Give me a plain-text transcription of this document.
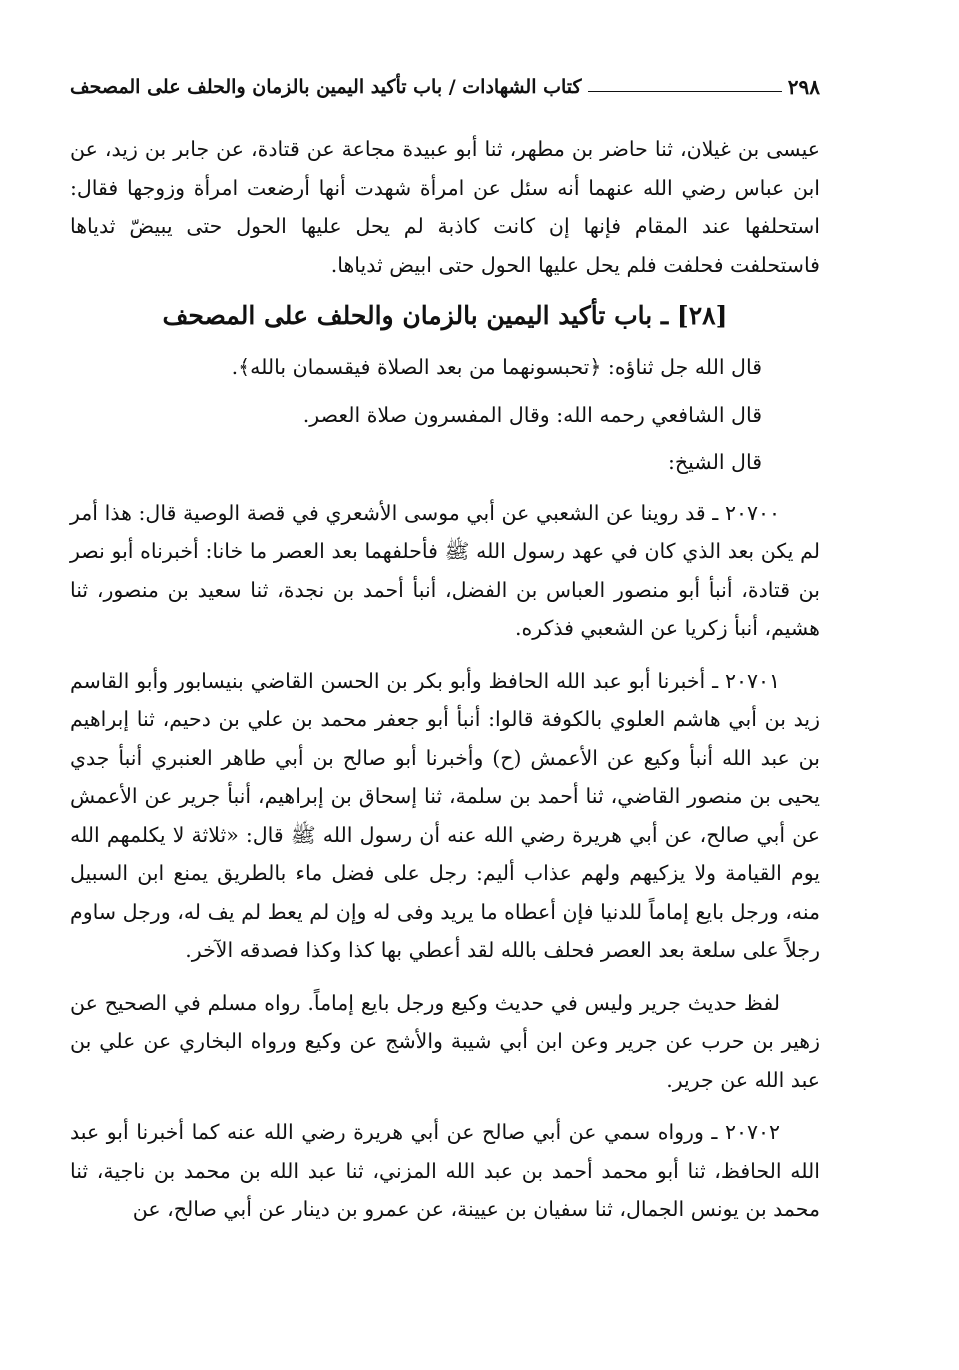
٢٩٨
كتاب الشهادات / باب تأكيد اليمين بالزمان والحلف على المصحف

عيسى بن غيلان، ثنا حاضر بن مطهر، ثنا أبو عبيدة مجاعة عن قتادة، عن جابر بن زيد، عن ابن عباس رضي الله عنهما أنه سئل عن امرأة شهدت أنها أرضعت امرأة وزوجها فقال: استحلفها عند المقام فإنها إن كانت كاذبة لم يحل عليها الحول حتى يبيضّ ثدياها فاستحلفت فحلفت فلم يحل عليها الحول حتى ابيض ثدياها.

[٢٨] ـ باب تأكيد اليمين بالزمان والحلف على المصحف
قال الله جل ثناؤه: ﴿تحبسونهما من بعد الصلاة فيقسمان بالله﴾.
قال الشافعي رحمه الله: وقال المفسرون صلاة العصر.
قال الشيخ:

٢٠٧٠٠ ـ قد روينا عن الشعبي عن أبي موسى الأشعري في قصة الوصية قال: هذا أمر لم يكن بعد الذي كان في عهد رسول الله ﷺ فأحلفهما بعد العصر ما خانا: أخبرناه أبو نصر بن قتادة، أنبأ أبو منصور العباس بن الفضل، أنبأ أحمد بن نجدة، ثنا سعيد بن منصور، ثنا هشيم، أنبأ زكريا عن الشعبي فذكره.

٢٠٧٠١ ـ أخبرنا أبو عبد الله الحافظ وأبو بكر بن الحسن القاضي بنيسابور وأبو القاسم زيد بن أبي هاشم العلوي بالكوفة قالوا: أنبأ أبو جعفر محمد بن علي بن دحيم، ثنا إبراهيم بن عبد الله أنبأ وكيع عن الأعمش (ح) وأخبرنا أبو صالح بن أبي طاهر العنبري أنبأ جدي يحيى بن منصور القاضي، ثنا أحمد بن سلمة، ثنا إسحاق بن إبراهيم، أنبأ جرير عن الأعمش عن أبي صالح، عن أبي هريرة رضي الله عنه أن رسول الله ﷺ قال: «ثلاثة لا يكلمهم الله يوم القيامة ولا يزكيهم ولهم عذاب أليم: رجل على فضل ماء بالطريق يمنع ابن السبيل منه، ورجل بايع إماماً للدنيا فإن أعطاه ما يريد وفى له وإن لم يعط لم يف له، ورجل ساوم رجلاً على سلعة بعد العصر فحلف بالله لقد أعطي بها كذا وكذا فصدقه الآخر.

لفظ حديث جرير وليس في حديث وكيع ورجل بايع إماماً. رواه مسلم في الصحيح عن زهير بن حرب عن جرير وعن ابن أبي شيبة والأشج عن وكيع ورواه البخاري عن علي بن عبد الله عن جرير.

٢٠٧٠٢ ـ ورواه سمي عن أبي صالح عن أبي هريرة رضي الله عنه كما أخبرنا أبو عبد الله الحافظ، ثنا أبو محمد أحمد بن عبد الله المزني، ثنا عبد الله بن محمد بن ناجية، ثنا محمد بن يونس الجمال، ثنا سفيان بن عيينة، عن عمرو بن دينار عن أبي صالح، عن
